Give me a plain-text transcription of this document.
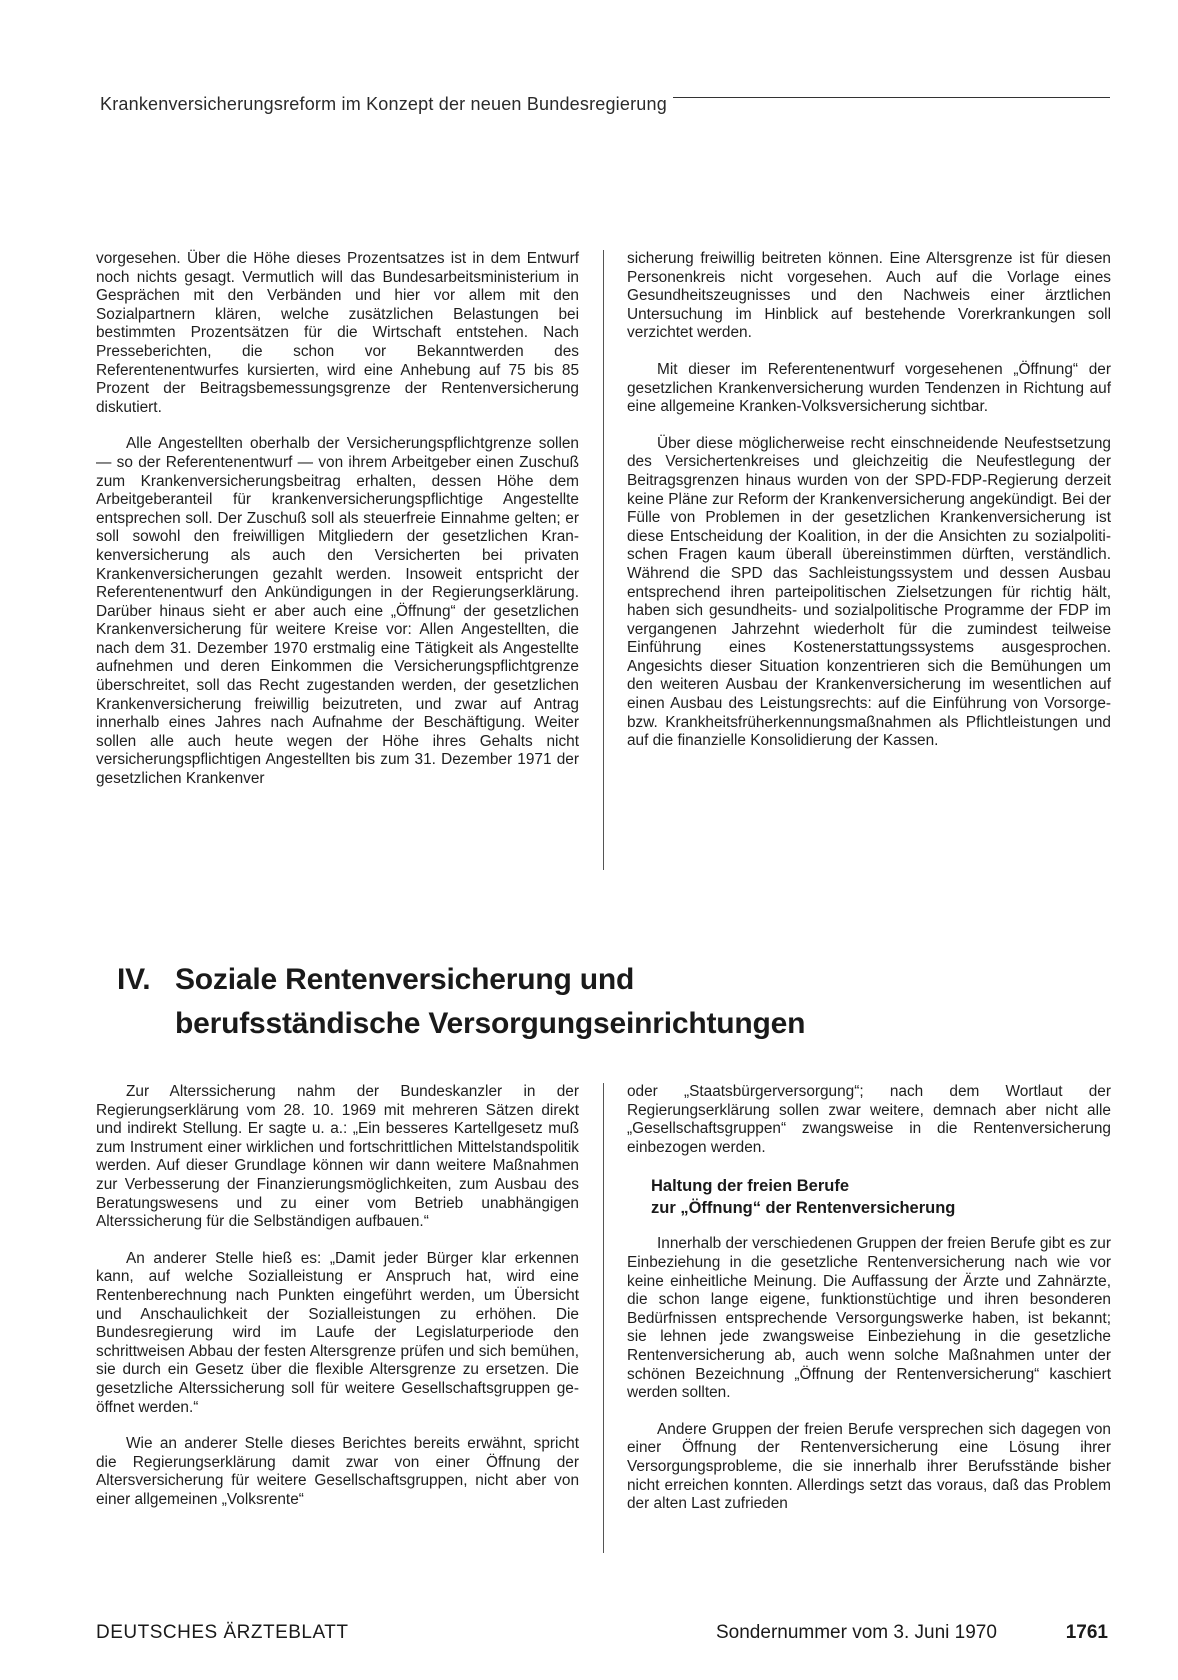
Krankenversicherungsreform im Konzept der neuen Bundesregierung

vorgesehen. Über die Höhe dieses Prozentsatzes ist in dem Entwurf noch nichts gesagt. Vermutlich will das Bundesarbeitsministerium in Gesprächen mit den Verbänden und hier vor allem mit den Sozialpartnern klären, welche zusätzlichen Belastungen bei bestimmten Prozentsätzen für die Wirtschaft entstehen. Nach Presseberichten, die schon vor Bekanntwerden des Referentenentwurfes kursierten, wird eine Anhebung auf 75 bis 85 Prozent der Beitragsbemessungsgrenze der Rentenversicherung diskutiert.

Alle Angestellten oberhalb der Versicherungspflichtgrenze sollen — so der Referentenentwurf — von ihrem Arbeitgeber einen Zuschuß zum Krankenversicherungsbeitrag erhalten, dessen Höhe dem Arbeitgeberanteil für krankenversicherungspflichtige Angestellte entsprechen soll. Der Zuschuß soll als steuerfreie Einnahme gelten; er soll sowohl den freiwilligen Mitgliedern der gesetzlichen Krankenversicherung als auch den Versicherten bei privaten Krankenversicherungen gezahlt werden. Insoweit entspricht der Referentenentwurf den Ankündigungen in der Regierungserklärung. Darüber hinaus sieht er aber auch eine „Öffnung“ der gesetzlichen Krankenversicherung für weitere Kreise vor: Allen Angestellten, die nach dem 31. Dezember 1970 erstmalig eine Tätigkeit als Angestellte aufnehmen und deren Einkommen die Versicherungspflichtgrenze überschreitet, soll das Recht zugestanden werden, der gesetzlichen Krankenversicherung freiwillig beizutreten, und zwar auf Antrag innerhalb eines Jahres nach Aufnahme der Beschäftigung. Weiter sollen alle auch heute wegen der Höhe ihres Gehalts nicht versicherungspflichtigen Angestellten bis zum 31. Dezember 1971 der gesetzlichen Krankenver

sicherung freiwillig beitreten können. Eine Altersgrenze ist für diesen Personenkreis nicht vorgesehen. Auch auf die Vorlage eines Gesundheitszeugnisses und den Nachweis einer ärztlichen Untersuchung im Hinblick auf bestehende Vorerkrankungen soll verzichtet werden.

Mit dieser im Referentenentwurf vorgesehenen „Öffnung“ der gesetzlichen Krankenversicherung wurden Tendenzen in Richtung auf eine allgemeine Kranken-Volksversicherung sichtbar.

Über diese möglicherweise recht einschneidende Neufestsetzung des Versichertenkreises und gleichzeitig die Neufestlegung der Beitragsgrenzen hinaus wurden von der SPD-FDP-Regierung derzeit keine Pläne zur Reform der Krankenversicherung angekündigt. Bei der Fülle von Problemen in der gesetzlichen Krankenversicherung ist diese Entscheidung der Koalition, in der die Ansichten zu sozialpolitischen Fragen kaum überall übereinstimmen dürften, verständlich. Während die SPD das Sachleistungssystem und dessen Ausbau entsprechend ihren parteipolitischen Zielsetzungen für richtig hält, haben sich gesundheits- und sozialpolitische Programme der FDP im vergangenen Jahrzehnt wiederholt für die zumindest teilweise Einführung eines Kostenerstattungssystems ausgesprochen. Angesichts dieser Situation konzentrieren sich die Bemühungen um den weiteren Ausbau der Krankenversicherung im wesentlichen auf einen Ausbau des Leistungsrechts: auf die Einführung von Vorsorge- bzw. Krankheitsfrüherkennungsmaßnahmen als Pflichtleistungen und auf die finanzielle Konsolidierung der Kassen.

IV. Soziale Rentenversicherung und
berufsständische Versorgungseinrichtungen

Zur Alterssicherung nahm der Bundeskanzler in der Regierungserklärung vom 28. 10. 1969 mit mehreren Sätzen direkt und indirekt Stellung. Er sagte u. a.: „Ein besseres Kartellgesetz muß zum Instrument einer wirklichen und fortschrittlichen Mittelstandspolitik werden. Auf dieser Grundlage können wir dann weitere Maßnahmen zur Verbesserung der Finanzierungsmöglichkeiten, zum Ausbau des Beratungswesens und zu einer vom Betrieb unabhängigen Alterssicherung für die Selbständigen aufbauen.“

An anderer Stelle hieß es: „Damit jeder Bürger klar erkennen kann, auf welche Sozialleistung er Anspruch hat, wird eine Rentenberechnung nach Punkten eingeführt werden, um Übersicht und Anschaulichkeit der Sozialleistungen zu erhöhen. Die Bundesregierung wird im Laufe der Legislaturperiode den schrittweisen Abbau der festen Altersgrenze prüfen und sich bemühen, sie durch ein Gesetz über die flexible Altersgrenze zu ersetzen. Die gesetzliche Alterssicherung soll für weitere Gesellschaftsgruppen geöffnet werden.“

Wie an anderer Stelle dieses Berichtes bereits erwähnt, spricht die Regierungserklärung damit zwar von einer Öffnung der Altersversicherung für weitere Gesellschaftsgruppen, nicht aber von einer allgemeinen „Volksrente“

oder „Staatsbürgerversorgung“; nach dem Wortlaut der Regierungserklärung sollen zwar weitere, demnach aber nicht alle „Gesellschaftsgruppen“ zwangsweise in die Rentenversicherung einbezogen werden.

Haltung der freien Berufe
zur „Öffnung“ der Rentenversicherung

Innerhalb der verschiedenen Gruppen der freien Berufe gibt es zur Einbeziehung in die gesetzliche Rentenversicherung nach wie vor keine einheitliche Meinung. Die Auffassung der Ärzte und Zahnärzte, die schon lange eigene, funktionstüchtige und ihren besonderen Bedürfnissen entsprechende Versorgungswerke haben, ist bekannt; sie lehnen jede zwangsweise Einbeziehung in die gesetzliche Rentenversicherung ab, auch wenn solche Maßnahmen unter der schönen Bezeichnung „Öffnung der Rentenversicherung“ kaschiert werden sollten.

Andere Gruppen der freien Berufe versprechen sich dagegen von einer Öffnung der Rentenversicherung eine Lösung ihrer Versorgungsprobleme, die sie innerhalb ihrer Berufsstände bisher nicht erreichen konnten. Allerdings setzt das voraus, daß das Problem der alten Last zufrieden

DEUTSCHES ÄRZTEBLATT	Sondernummer vom 3. Juni 1970	1761
